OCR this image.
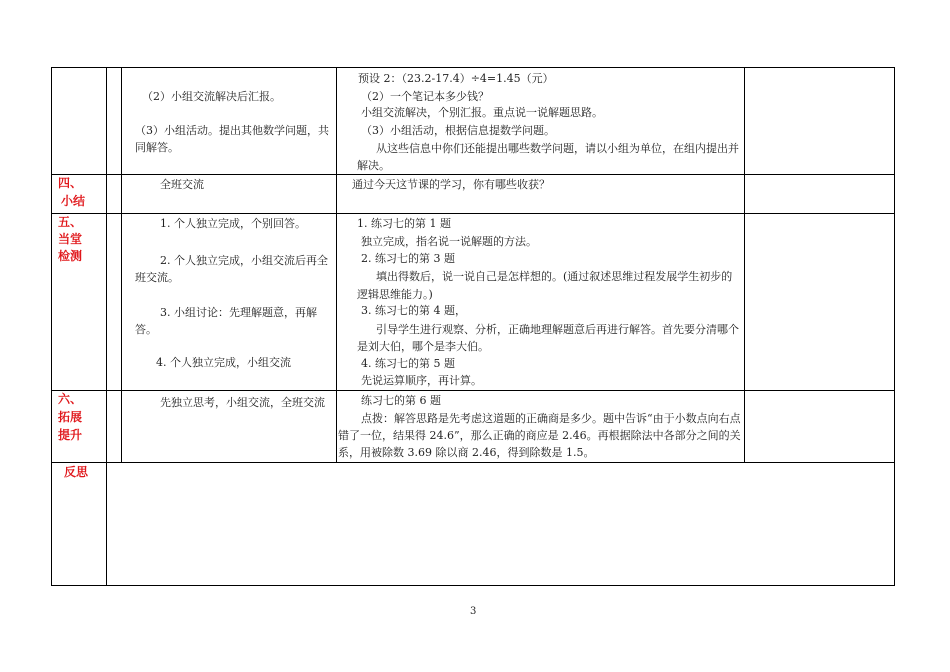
（2）小组交流解决后汇报。
（3）小组活动。提出其他数学问题，共同解答。
预设 2：（23.2-17.4）÷4=1.45（元）
（2）一个笔记本多少钱？
小组交流解决，个别汇报。重点说一说解题思路。
（3）小组活动，根据信息提数学问题。
从这些信息中你们还能提出哪些数学问题，请以小组为单位，在组内提出并解决。
四、
小结
全班交流	通过今天这节课的学习，你有哪些收获？
五、
当堂
检测
1. 个人独立完成，个别回答。
2. 个人独立完成，小组交流后再全班交流。
3. 小组讨论：先理解题意，再解答。
4. 个人独立完成，小组交流
1. 练习七的第 1 题
独立完成，指名说一说解题的方法。
2. 练习七的第 3 题
填出得数后，说一说自己是怎样想的。(通过叙述思维过程发展学生初步的逻辑思维能力。)
3. 练习七的第 4 题，
引导学生进行观察、分析，正确地理解题意后再进行解答。首先要分清哪个是刘大伯，哪个是李大伯。
4. 练习七的第 5 题
先说运算顺序，再计算。
六、
拓展
提升
先独立思考，小组交流，全班交流	练习七的第 6 题
点拨：解答思路是先考虑这道题的正确商是多少。题中告诉“由于小数点向右点错了一位，结果得 24.6”，那么正确的商应是 2.46。再根据除法中各部分之间的关系，用被除数 3.69 除以商 2.46，得到除数是 1.5。
反思
3
